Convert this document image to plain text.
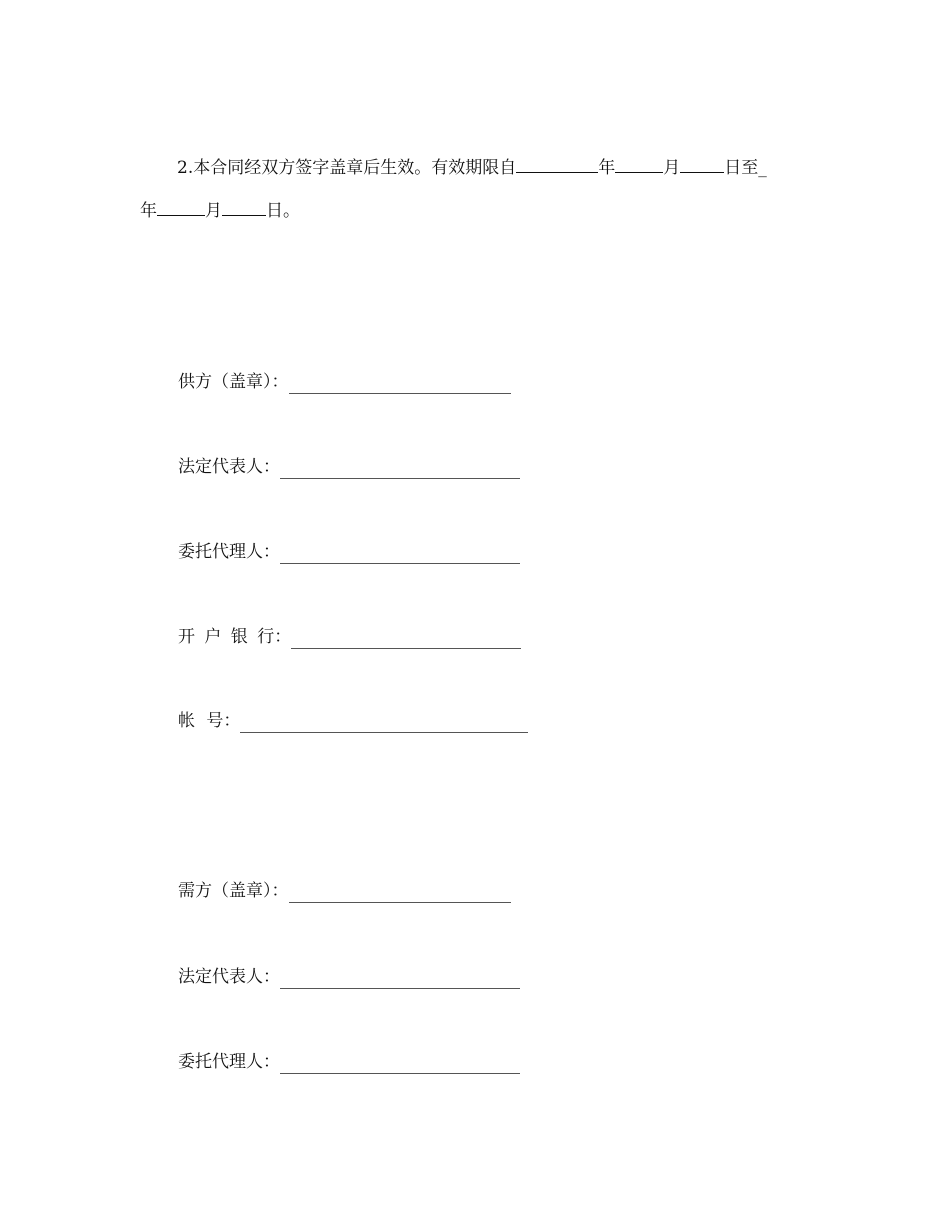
2.本合同经双方签字盖章后生效。有效期限自	年	月	日至_
年	月	日。
供方（盖章）：
法定代表人：
委托代理人：
开 户 银 行：
帐 号：
需方（盖章）：
法定代表人：
委托代理人：
